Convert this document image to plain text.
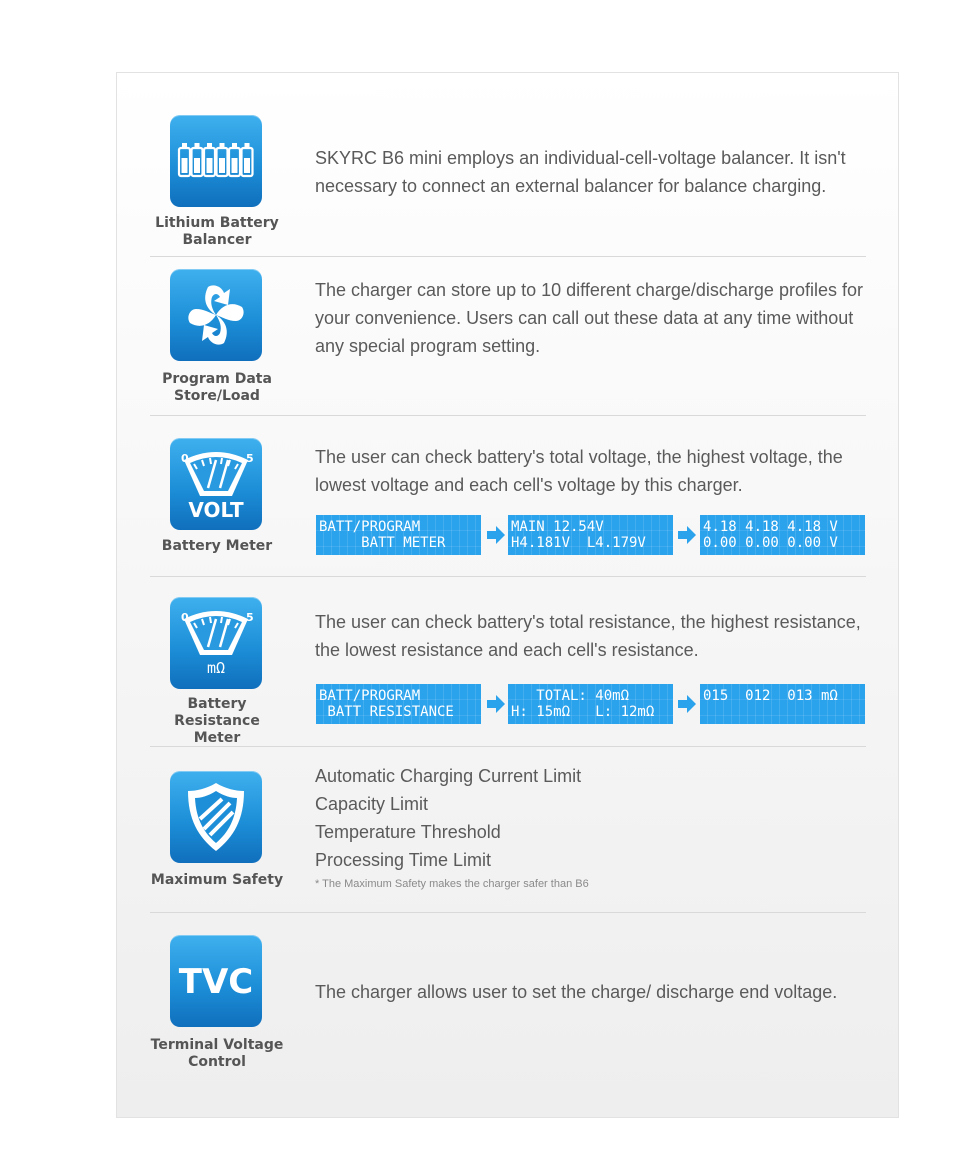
Lithium Battery
Balancer

SKYRC B6 mini employs an individual-cell-voltage balancer. It isn't necessary to connect an external balancer for balance charging.

Program Data
Store/Load

The charger can store up to 10 different charge/discharge profiles for your convenience. Users can call out these data at any time without any special program setting.

0	5
VOLT
Battery Meter

The user can check battery's total voltage, the highest voltage, the lowest voltage and each cell's voltage by this charger.

BATT/PROGRAM
BATT METER
MAIN 12.54V
H4.181V  L4.179V
4.18 4.18 4.18 V
0.00 0.00 0.00 V
0	5
mΩ
Battery Resistance
Meter

The user can check battery's total resistance, the highest resistance, the lowest resistance and each cell's resistance.

BATT/PROGRAM
BATT RESISTANCE
TOTAL: 40mΩ
H: 15mΩ   L: 12mΩ
015  012  013 mΩ
Maximum Safety
Automatic Charging Current Limit
Capacity Limit
Temperature Threshold
Processing Time Limit
* The Maximum Safety makes the charger safer than B6
TVC
Terminal Voltage
Control

The charger allows user to set the charge/ discharge end voltage.
